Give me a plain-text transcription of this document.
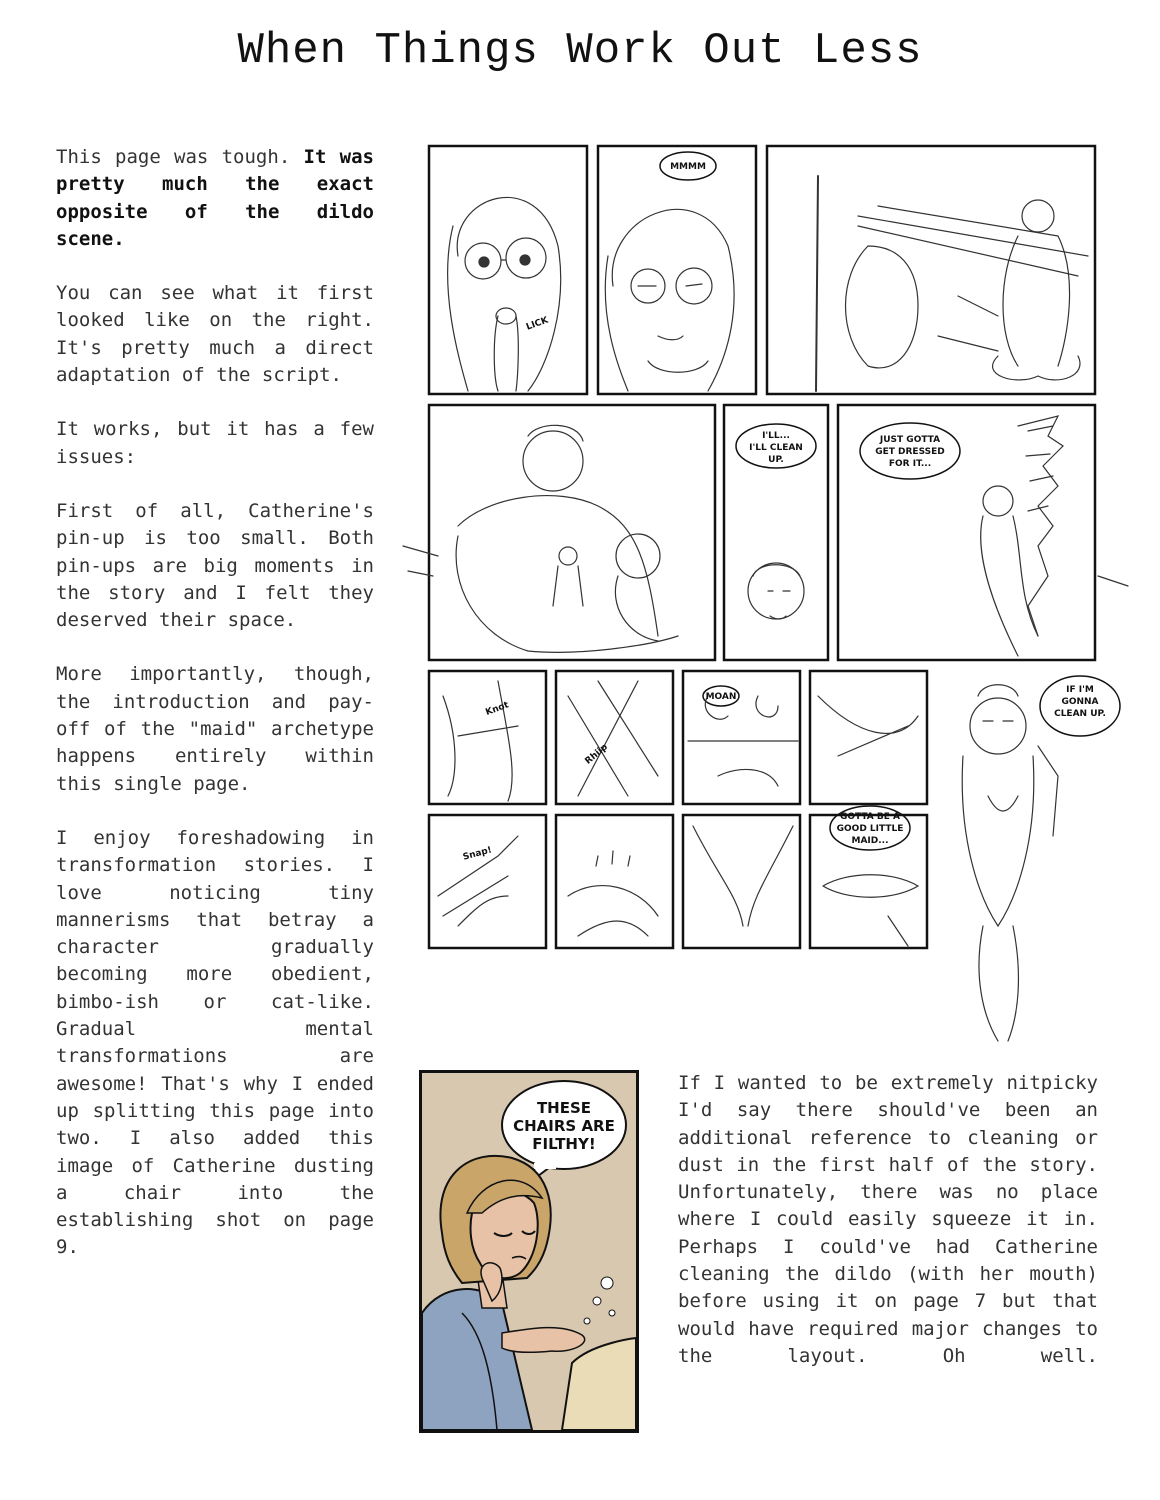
When Things Work Out Less

This page was tough. It was pretty much the exact opposite of the dildo scene.

You can see what it first looked like on the right. It's pretty much a direct adaptation of the script.

It works, but it has a few issues:

First of all, Catherine's pin-up is too small. Both pin-ups are big moments in the story and I felt they deserved their space.

More importantly, though, the introduction and pay-off of the "maid" archetype happens entirely within this single page.

I enjoy foreshadowing in transformation stories. I love noticing tiny mannerisms that betray a character gradually becoming more obedient, bimbo-ish or cat-like. Gradual mental transformations are awesome! That's why I ended up splitting this page into two. I also added this image of Catherine dusting a chair into the establishing shot on page 9.

MMMM
LICK
I'LL...
I'LL CLEAN
UP.
JUST GOTTA
GET DRESSED
FOR IT...
Knot
Rhiip
MOAN
GOTTA BE A
GOOD LITTLE
MAID...
Snap!
IF I'M
GONNA
CLEAN UP.
THESE
CHAIRS ARE
FILTHY!

If I wanted to be extremely nitpicky I'd say there should've been an additional reference to cleaning or dust in the first half of the story. Unfortunately, there was no place where I could easily squeeze it in. Perhaps I could've had Catherine cleaning the dildo (with her mouth) before using it on page 7 but that would have required major changes to the layout. Oh well.
